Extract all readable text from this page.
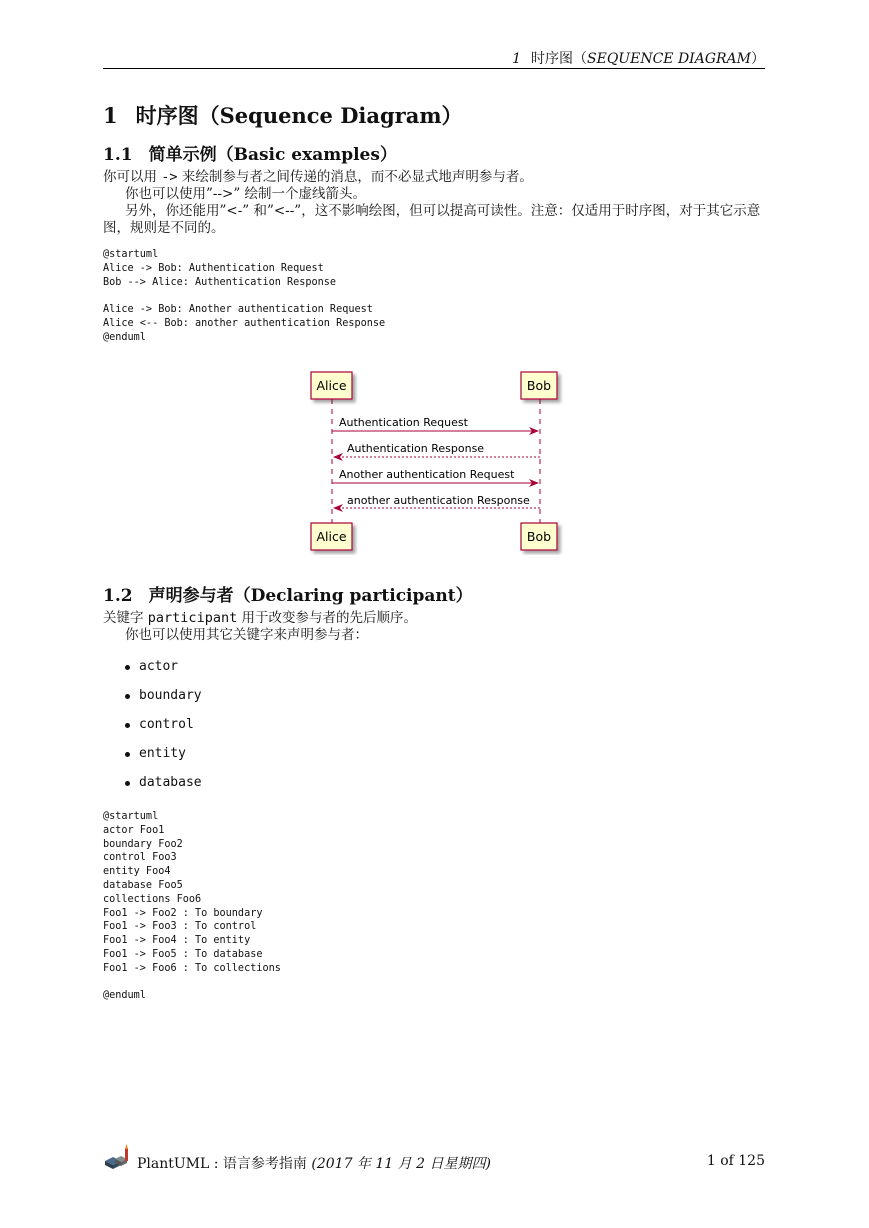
1 时序图（SEQUENCE DIAGRAM）
1 时序图（Sequence Diagram）
1.1 简单示例（Basic examples）

你可以用 -> 来绘制参与者之间传递的消息，而不必显式地声明参与者。

你也可以使用”-->” 绘制一个虚线箭头。

另外，你还能用”<-” 和”<--”，这不影响绘图，但可以提高可读性。注意：仅适用于时序图，对于其它示意图，规则是不同的。

@startuml
Alice -> Bob: Authentication Request
Bob --> Alice: Authentication Response

Alice -> Bob: Another authentication Request
Alice <-- Bob: another authentication Response
@enduml
Alice	Bob
Authentication Request
Authentication Response
Another authentication Request
another authentication Response
Alice	Bob
1.2 声明参与者（Declaring participant）

关键字 participant 用于改变参与者的先后顺序。

你也可以使用其它关键字来声明参与者：

actor
boundary
control
entity
database
@startuml
actor Foo1
boundary Foo2
control Foo3
entity Foo4
database Foo5
collections Foo6
Foo1 -> Foo2 : To boundary
Foo1 -> Foo3 : To control
Foo1 -> Foo4 : To entity
Foo1 -> Foo5 : To database
Foo1 -> Foo6 : To collections

@enduml
PlantUML : 语言参考指南 (2017 年 11 月 2 日星期四)	1 of 125
